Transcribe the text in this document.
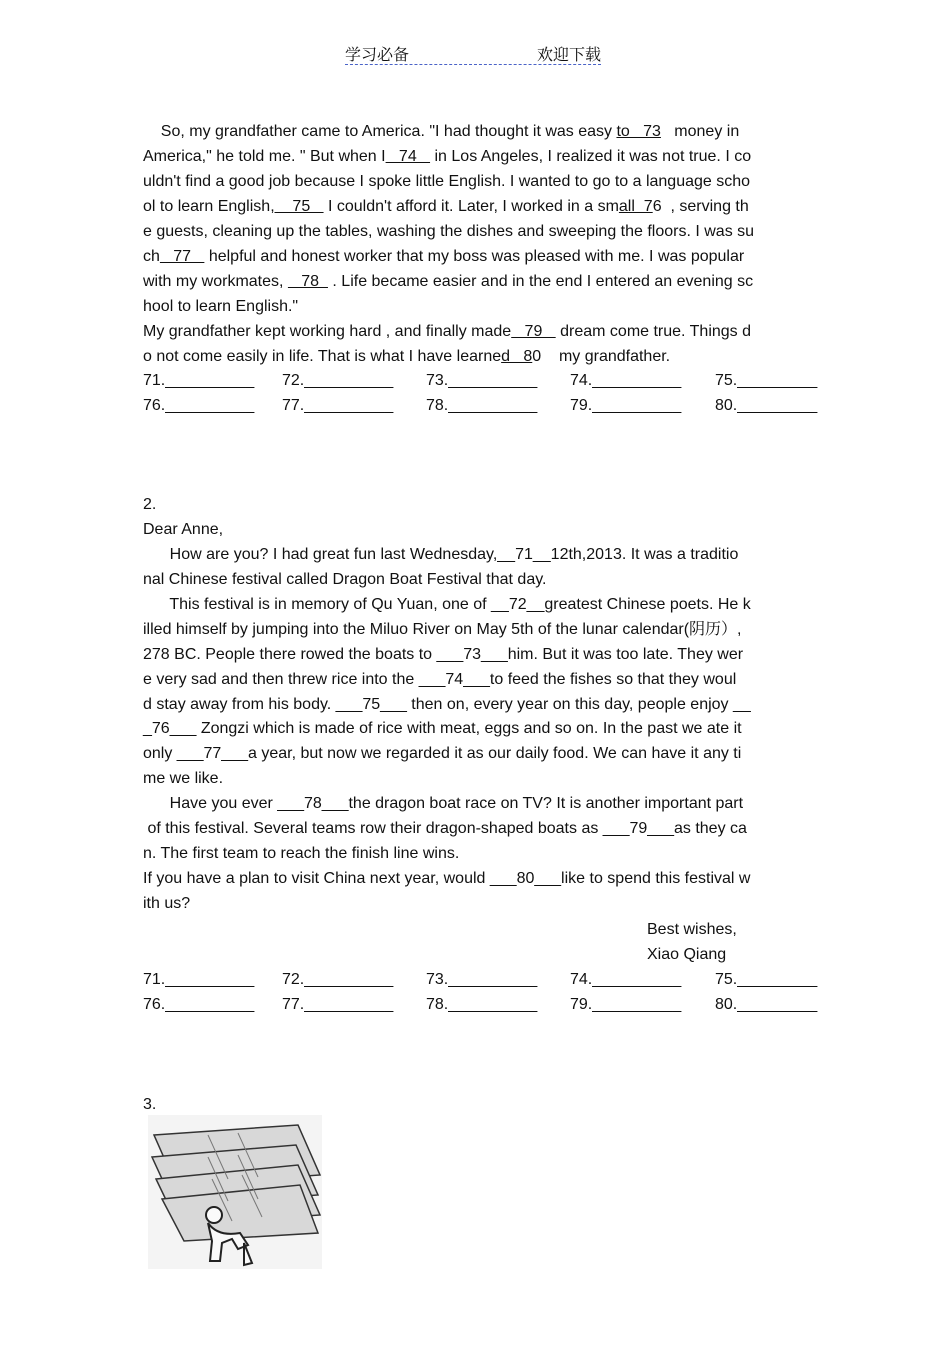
学习必备	欢迎下载
So, my grandfather came to America. "I had thought it was easy to   73   money in
America," he told me. " But when I   74    in Los Angeles, I realized it was not true. I co
uldn't find a good job because I spoke little English. I wanted to go to a language scho
ol to learn English,    75    I couldn't afford it. Later, I worked in a small  76  , serving th
e guests, cleaning up the tables, washing the dishes and sweeping the floors. I was su
ch   77    helpful and honest worker that my boss was pleased with me. I was popular
with my workmates,    78   . Life became easier and in the end I entered an evening sc
hool to learn English."
My grandfather kept working hard , and finally made   79    dream come true. Things d
o not come easily in life. That is what I have learned   80    my grandfather.
71.__________ 72.__________ 73.__________ 74.__________ 75._________
76.__________ 77.__________ 78.__________ 79.__________ 80._________
2.
Dear Anne,
How are you? I had great fun last Wednesday,__71__12th,2013. It was a traditio
nal Chinese festival called Dragon Boat Festival that day.
This festival is in memory of Qu Yuan, one of __72__greatest Chinese poets. He k
illed himself by jumping into the Miluo River on May 5th of the lunar calendar(阴历）,
278 BC. People there rowed the boats to ___73___him. But it was too late. They wer
e very sad and then threw rice into the ___74___to feed the fishes so that they woul
d stay away from his body. ___75___ then on, every year on this day, people enjoy __
_76___ Zongzi which is made of rice with meat, eggs and so on. In the past we ate it
only ___77___a year, but now we regarded it as our daily food. We can have it any ti
me we like.
Have you ever ___78___the dragon boat race on TV? It is another important part
of this festival. Several teams row their dragon-shaped boats as ___79___as they ca
n. The first team to reach the finish line wins.
If you have a plan to visit China next year, would ___80___like to spend this festival w
ith us?
Best wishes,
Xiao Qiang
71.__________ 72.__________ 73.__________ 74.__________ 75._________
76.__________ 77.__________ 78.__________ 79.__________ 80._________
3.
